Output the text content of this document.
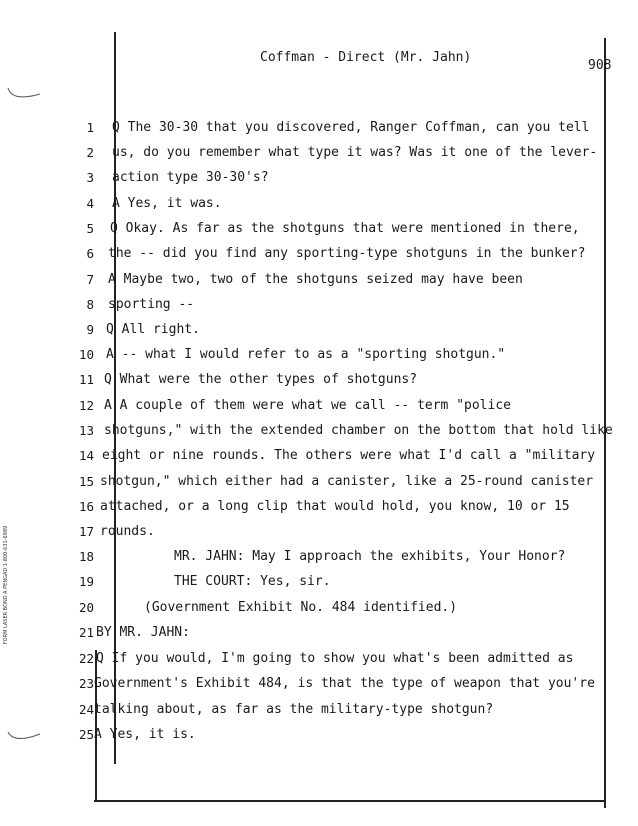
Coffman - Direct (Mr. Jahn)
908
FORM LASER BOND A PENGAD 1-800-631-6989
1 Q The 30-30 that you discovered, Ranger Coffman, can you tell
2 us, do you remember what type it was? Was it one of the lever-
3 action type 30-30's?
4 A Yes, it was.
5 Q Okay. As far as the shotguns that were mentioned in there,
6 the -- did you find any sporting-type shotguns in the bunker?
7 A Maybe two, two of the shotguns seized may have been
8 sporting --
9 Q All right.
10 A -- what I would refer to as a "sporting shotgun."
11 Q What were the other types of shotguns?
12 A A couple of them were what we call -- term "police
13 shotguns," with the extended chamber on the bottom that hold like
14 eight or nine rounds. The others were what I'd call a "military
15 shotgun," which either had a canister, like a 25-round canister
16 attached, or a long clip that would hold, you know, 10 or 15
17 rounds.
18	MR. JAHN: May I approach the exhibits, Your Honor?
19	THE COURT: Yes, sir.
20	(Government Exhibit No. 484 identified.)
21 BY MR. JAHN:
22 Q If you would, I'm going to show you what's been admitted as
23 Government's Exhibit 484, is that the type of weapon that you're
24 talking about, as far as the military-type shotgun?
25 A Yes, it is.
